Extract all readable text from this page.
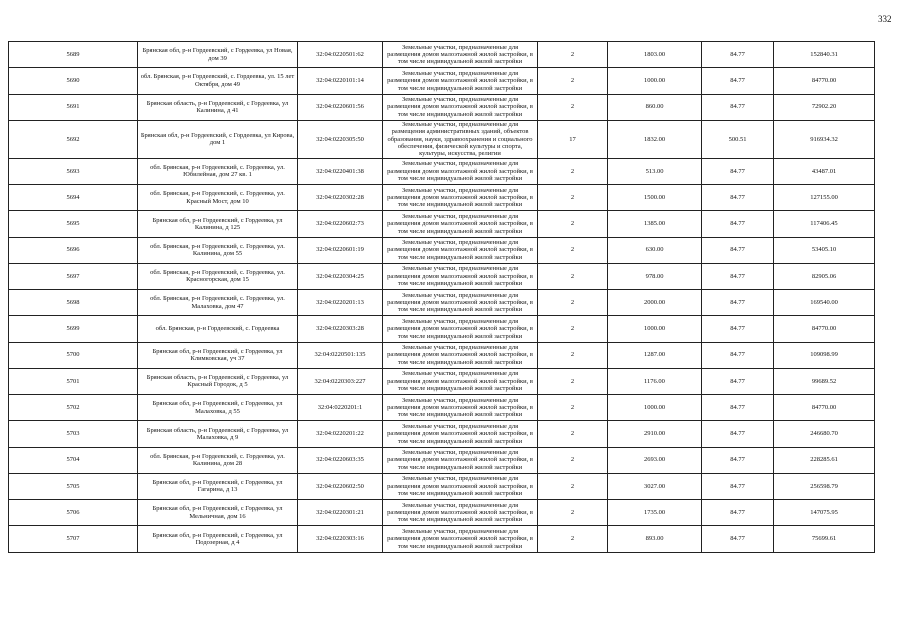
332
5689	Брянская обл, р-н Гордеевский, с Гордеевка, ул Новая, дом 39	32:04:0220501:62	Земельные участки, предназначенные для размещения домов малоэтажной жилой застройки, в том числе индивидуальной жилой застройки	2	1803.00	84.77	152840.31
5690	обл. Брянская, р-н Гордеевский, с. Гордеевка, ул. 15 лет Октября, дом 49	32:04:0220101:14	Земельные участки, предназначенные для размещения домов малоэтажной жилой застройки, в том числе индивидуальной жилой застройки	2	1000.00	84.77	84770.00
5691	Брянская область, р-н Гордеевский, с Гордеевка, ул Калинина, д 41	32:04:0220601:56	Земельные участки, предназначенные для размещения домов малоэтажной жилой застройки, в том числе индивидуальной жилой застройки	2	860.00	84.77	72902.20
5692	Брянская обл, р-н Гордеевский, с Гордеевка, ул Кирова, дом 1	32:04:0220305:50	Земельные участки, предназначенные для размещения административных зданий, объектов образования, науки, здравоохранения и социального обеспечения, физической культуры и спорта, культуры, искусства, религии	17	1832.00	500.51	916934.32
5693	обл. Брянская, р-н Гордеевский, с. Гордеевка, ул. Юбилейная, дом 27 кв. 1	32:04:0220401:38	Земельные участки, предназначенные для размещения домов малоэтажной жилой застройки, в том числе индивидуальной жилой застройки	2	513.00	84.77	43487.01
5694	обл. Брянская, р-н Гордеевский, с. Гордеевка, ул. Красный Мост, дом 10	32:04:0220302:28	Земельные участки, предназначенные для размещения домов малоэтажной жилой застройки, в том числе индивидуальной жилой застройки	2	1500.00	84.77	127155.00
5695	Брянская обл, р-н Гордеевский, с Гордеевка, ул Калинина, д 125	32:04:0220602:73	Земельные участки, предназначенные для размещения домов малоэтажной жилой застройки, в том числе индивидуальной жилой застройки	2	1385.00	84.77	117406.45
5696	обл. Брянская, р-н Гордеевский, с. Гордеевка, ул. Калинина, дом 55	32:04:0220601:19	Земельные участки, предназначенные для размещения домов малоэтажной жилой застройки, в том числе индивидуальной жилой застройки	2	630.00	84.77	53405.10
5697	обл. Брянская, р-н Гордеевский, с. Гордеевка, ул. Красногорская, дом 15	32:04:0220304:25	Земельные участки, предназначенные для размещения домов малоэтажной жилой застройки, в том числе индивидуальной жилой застройки	2	978.00	84.77	82905.06
5698	обл. Брянская, р-н Гордеевский, с. Гордеевка, ул. Малаховка, дом 47	32:04:0220201:13	Земельные участки, предназначенные для размещения домов малоэтажной жилой застройки, в том числе индивидуальной жилой застройки	2	2000.00	84.77	169540.00
5699	обл. Брянская, р-н Гордеевский, с. Гордеевка	32:04:0220303:28	Земельные участки, предназначенные для размещения домов малоэтажной жилой застройки, в том числе индивидуальной жилой застройки	2	1000.00	84.77	84770.00
5700	Брянская обл, р-н Гордеевский, с Гордеевка, ул Климковская, уч 37	32:04:0220501:135	Земельные участки, предназначенные для размещения домов малоэтажной жилой застройки, в том числе индивидуальной жилой застройки	2	1287.00	84.77	109098.99
5701	Брянская область, р-н Гордеевский, с Гордеевка, ул Красный Городок, д 5	32:04:0220303:227	Земельные участки, предназначенные для размещения домов малоэтажной жилой застройки, в том числе индивидуальной жилой застройки	2	1176.00	84.77	99689.52
5702	Брянская обл, р-н Гордеевский, с Гордеевка, ул Малаховка, д 55	32:04:0220201:1	Земельные участки, предназначенные для размещения домов малоэтажной жилой застройки, в том числе индивидуальной жилой застройки	2	1000.00	84.77	84770.00
5703	Брянская область, р-н Гордеевский, с Гордеевка, ул Малаховка, д 9	32:04:0220201:22	Земельные участки, предназначенные для размещения домов малоэтажной жилой застройки, в том числе индивидуальной жилой застройки	2	2910.00	84.77	246680.70
5704	обл. Брянская, р-н Гордеевский, с. Гордеевка, ул. Калинина, дом 28	32:04:0220603:35	Земельные участки, предназначенные для размещения домов малоэтажной жилой застройки, в том числе индивидуальной жилой застройки	2	2693.00	84.77	228285.61
5705	Брянская обл, р-н Гордеевский, с Гордеевка, ул Гагарина, д 13	32:04:0220602:50	Земельные участки, предназначенные для размещения домов малоэтажной жилой застройки, в том числе индивидуальной жилой застройки	2	3027.00	84.77	256598.79
5706	Брянская обл, р-н Гордеевский, с Гордеевка, ул Мельничная, дом 16	32:04:0220301:21	Земельные участки, предназначенные для размещения домов малоэтажной жилой застройки, в том числе индивидуальной жилой застройки	2	1735.00	84.77	147075.95
5707	Брянская обл, р-н Гордеевский, с Гордеевка, ул Подозерная, д 4	32:04:0220303:16	Земельные участки, предназначенные для размещения домов малоэтажной жилой застройки, в том числе индивидуальной жилой застройки	2	893.00	84.77	75699.61
